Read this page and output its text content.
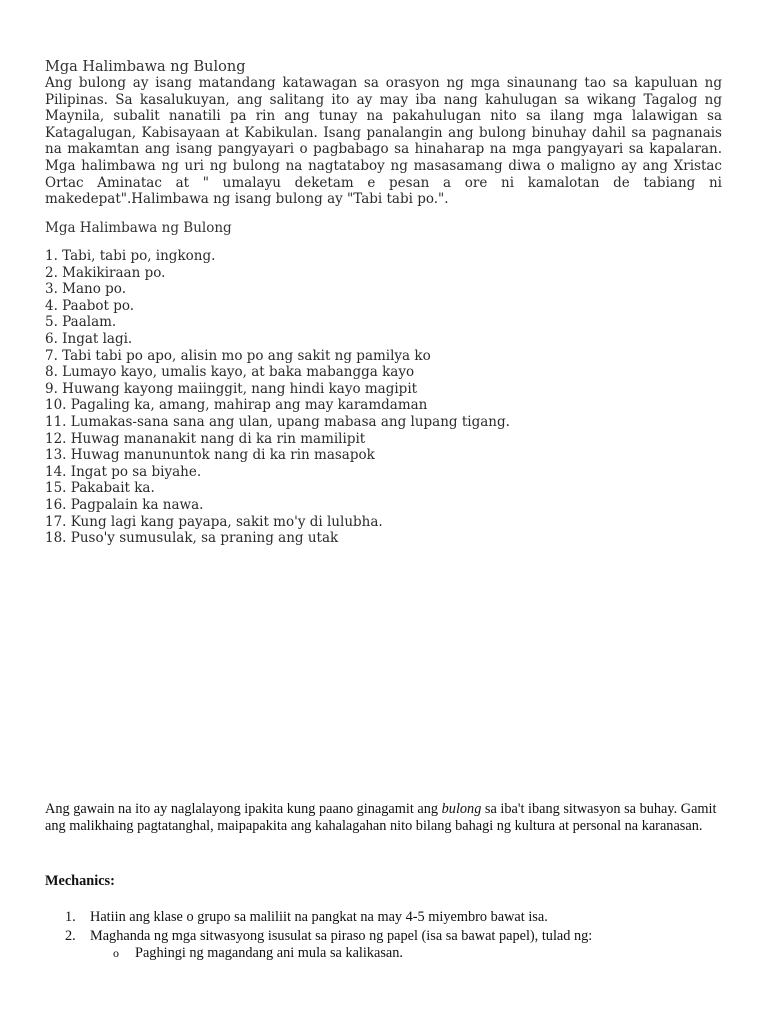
Mga Halimbawa ng Bulong
Ang bulong ay isang matandang katawagan sa orasyon ng mga sinaunang tao sa kapuluan ng Pilipinas. Sa kasalukuyan, ang salitang ito ay may iba nang kahulugan sa wikang Tagalog ng Maynila, subalit nanatili pa rin ang tunay na pakahulugan nito sa ilang mga lalawigan sa Katagalugan, Kabisayaan at Kabikulan. Isang panalangin ang bulong binuhay dahil sa pagnanais na makamtan ang isang pangyayari o pagbabago sa hinaharap na mga pangyayari sa kapalaran. Mga halimbawa ng uri ng bulong na nagtataboy ng masasamang diwa o maligno ay ang Xristac Ortac Aminatac at " umalayu deketam e pesan a ore ni kamalotan de tabiang ni makedepat".Halimbawa ng isang bulong ay "Tabi tabi po.".
Mga Halimbawa ng Bulong
1. Tabi, tabi po, ingkong.
2. Makikiraan po.
3. Mano po.
4. Paabot po.
5. Paalam.
6. Ingat lagi.
7. Tabi tabi po apo, alisin mo po ang sakit ng pamilya ko
8. Lumayo kayo, umalis kayo, at baka mabangga kayo
9. Huwang kayong maiinggit, nang hindi kayo magipit
10. Pagaling ka, amang, mahirap ang may karamdaman
11. Lumakas-sana sana ang ulan, upang mabasa ang lupang tigang.
12. Huwag mananakit nang di ka rin mamilipit
13. Huwag manununtok nang di ka rin masapok
14. Ingat po sa biyahe.
15. Pakabait ka.
16. Pagpalain ka nawa.
17. Kung lagi kang payapa, sakit mo'y di lulubha.
18. Puso'y sumusulak, sa praning ang utak
Ang gawain na ito ay naglalayong ipakita kung paano ginagamit ang bulong sa iba't ibang sitwasyon sa buhay. Gamit ang malikhaing pagtatanghal, maipapakita ang kahalagahan nito bilang bahagi ng kultura at personal na karanasan.
Mechanics:
1. Hatiin ang klase o grupo sa maliliit na pangkat na may 4-5 miyembro bawat isa.
2. Maghanda ng mga sitwasyong isusulat sa piraso ng papel (isa sa bawat papel), tulad ng:
o Paghingi ng magandang ani mula sa kalikasan.
